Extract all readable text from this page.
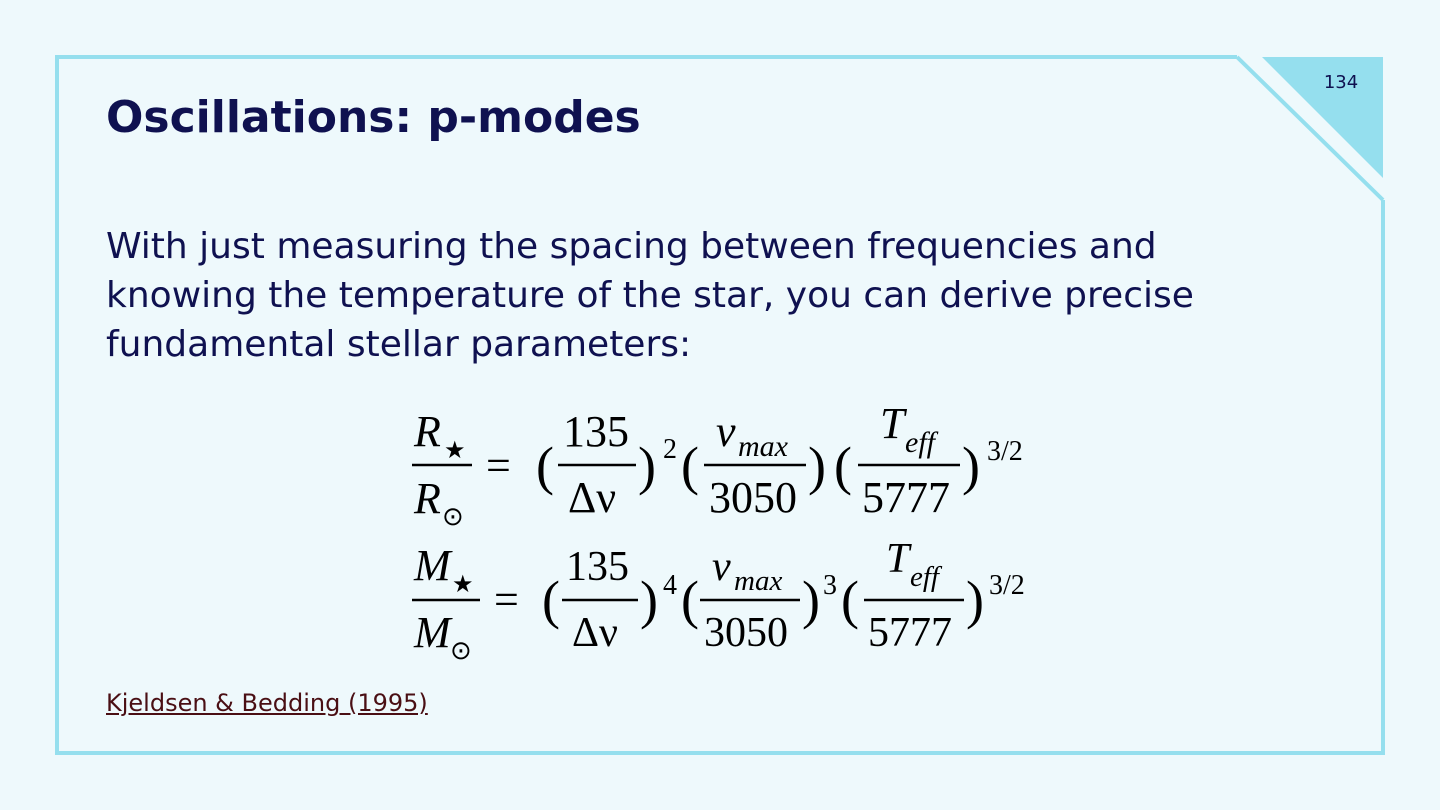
134
Oscillations: p-modes

With just measuring the spacing between frequencies and knowing the temperature of the star, you can derive precise fundamental stellar parameters:

R ★
R ⊙
= (
135
Δν
) 2 (
ν max
3050
) (
T eff
5777
) 3/2
M ★
M ⊙
= (
135
Δν
) 4 (
ν max
3050
) 3 (
T eff
5777
) 3/2
Kjeldsen & Bedding (1995)
